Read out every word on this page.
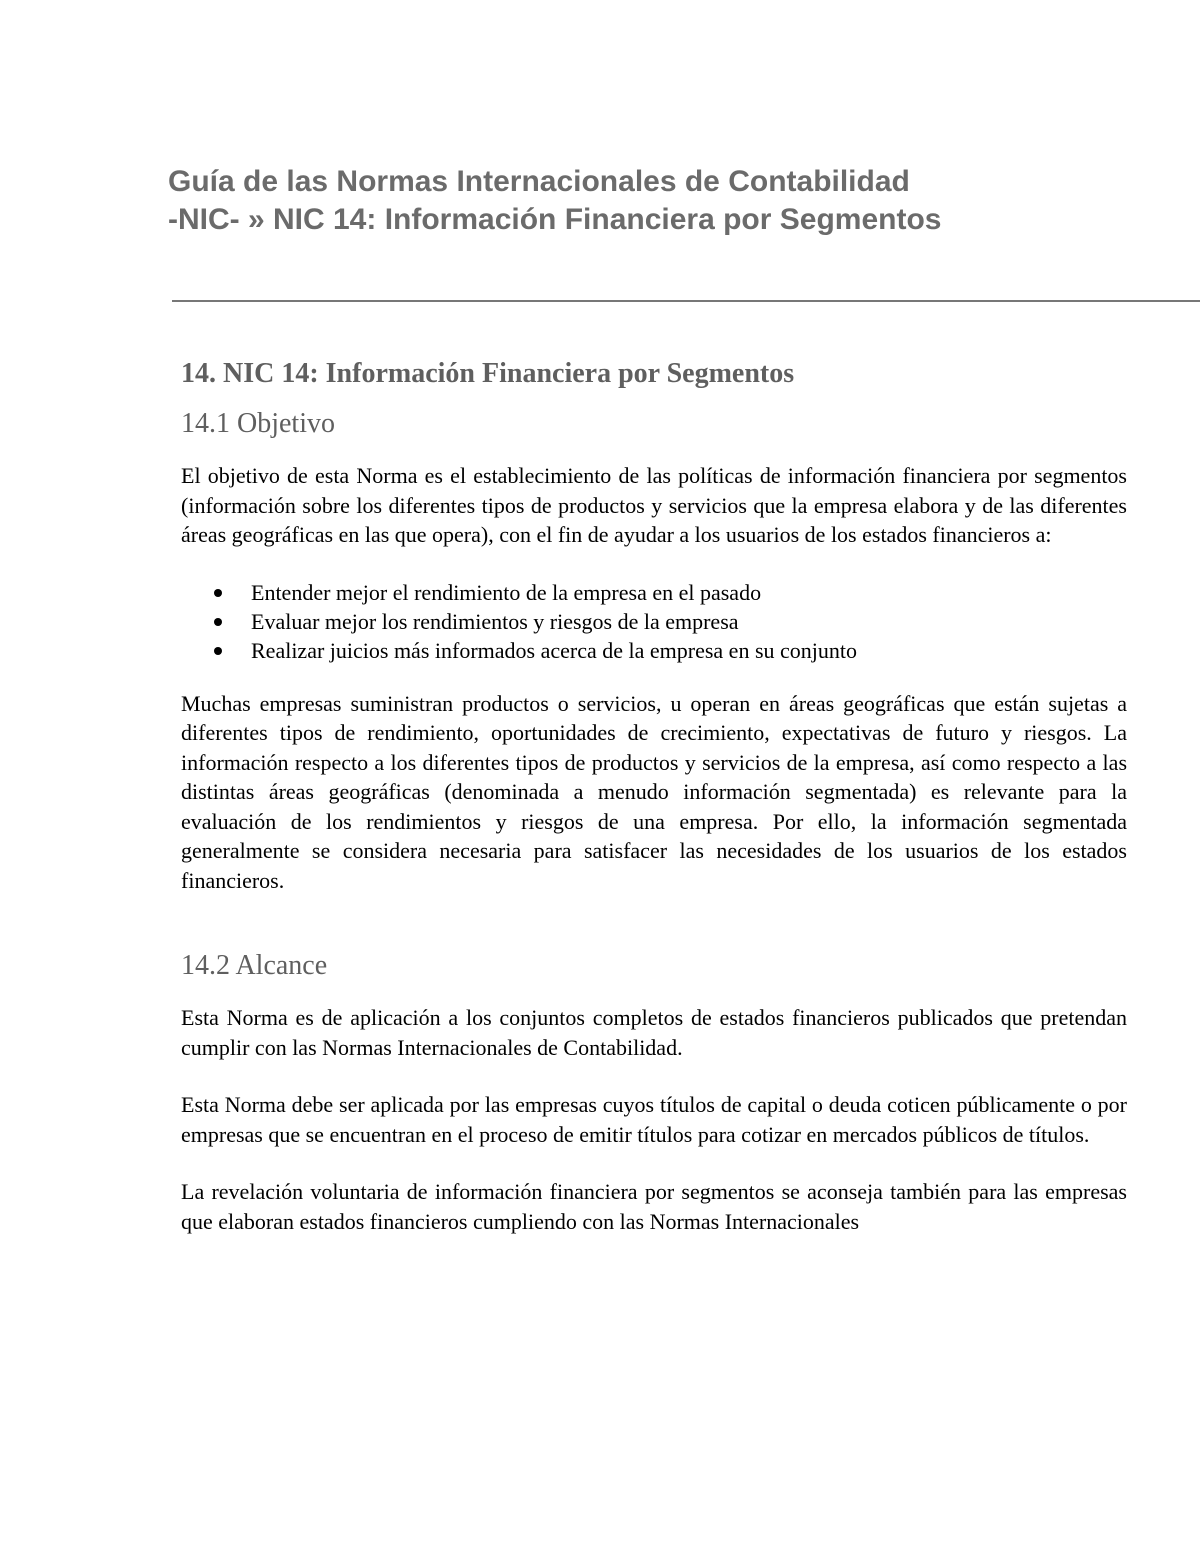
Guía de las Normas Internacionales de Contabilidad
-NIC- » NIC 14: Información Financiera por Segmentos
14. NIC 14: Información Financiera por Segmentos
14.1 Objetivo

El objetivo de esta Norma es el establecimiento de las políticas de información financiera por segmentos (información sobre los diferentes tipos de productos y servicios que la empresa elabora y de las diferentes áreas geográficas en las que opera), con el fin de ayudar a los usuarios de los estados financieros a:

Entender mejor el rendimiento de la empresa en el pasado
Evaluar mejor los rendimientos y riesgos de la empresa
Realizar juicios más informados acerca de la empresa en su conjunto

Muchas empresas suministran productos o servicios, u operan en áreas geográficas que están sujetas a diferentes tipos de rendimiento, oportunidades de crecimiento, expectativas de futuro y riesgos. La información respecto a los diferentes tipos de productos y servicios de la empresa, así como respecto a las distintas áreas geográficas (denominada a menudo información segmentada) es relevante para la evaluación de los rendimientos y riesgos de una empresa. Por ello, la información segmentada generalmente se considera necesaria para satisfacer las necesidades de los usuarios de los estados financieros.

14.2 Alcance

Esta Norma es de aplicación a los conjuntos completos de estados financieros publicados que pretendan cumplir con las Normas Internacionales de Contabilidad.

Esta Norma debe ser aplicada por las empresas cuyos títulos de capital o deuda coticen públicamente o por empresas que se encuentran en el proceso de emitir títulos para cotizar en mercados públicos de títulos.

La revelación voluntaria de información financiera por segmentos se aconseja también para las empresas que elaboran estados financieros cumpliendo con las Normas Internacionales
